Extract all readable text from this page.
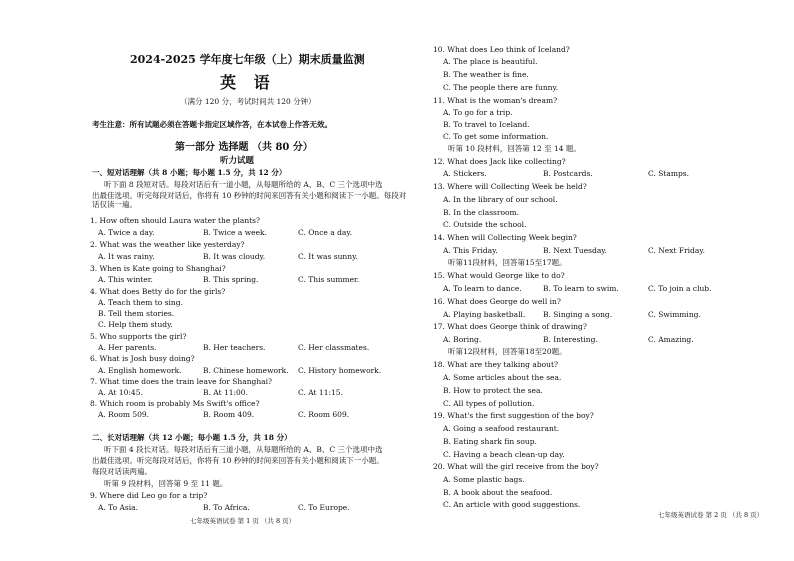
2024-2025 学年度七年级（上）期末质量监测
英 语
（满分 120 分，考试时间共 120 分钟）
考生注意：所有试题必须在答题卡指定区域作答，在本试卷上作答无效。
第一部分 选择题 （共 80 分）
听力试题
一、短对话理解（共 8 小题；每小题 1.5 分，共 12 分）
听下面 8 段短对话。每段对话后有一道小题，从每题所给的 A、B、C 三个选项中选
出最佳选项。听完每段对话后，你将有 10 秒钟的时间来回答有关小题和阅读下一小题。每段对话仅读一遍。
1. How often should Laura water the plants?
A. Twice a day.	B. Twice a week.	C. Once a day.
2. What was the weather like yesterday?
A. It was rainy.	B. It was cloudy.	C. It was sunny.
3. When is Kate going to Shanghai?
A. This winter.	B. This spring.	C. This summer.
4. What does Betty do for the girls?
A. Teach them to sing.
B. Tell them stories.
C. Help them study.
5. Who supports the girl?
A. Her parents.	B. Her teachers.	C. Her classmates.
6. What is Josh busy doing?
A. English homework.	B. Chinese homework. C. History homework.
7. What time does the train leave for Shanghai?
A. At 10:45.	B. At 11:00.	C. At 11:15.
8. Which room is probably Ms Swift's office?
A. Room 509.	B. Room 409.	C. Room 609.
二、长对话理解（共 12 小题；每小题 1.5 分，共 18 分）
听下面 4 段长对话。每段对话后有三道小题，从每题所给的 A、B、C 三个选项中选
出最佳选项。听完每段对话后，你将有 10 秒钟的时间来回答有关小题和阅读下一小题。
每段对话读两遍。
听第 9 段材料，回答第 9 至 11 题。
9. Where did Leo go for a trip?
A. To Asia.	B. To Africa.	C. To Europe.
七年级英语试卷 第 1 页 （共 8 页）
10. What does Leo think of Iceland?
A. The place is beautiful.
B. The weather is fine.
C. The people there are funny.
11. What is the woman's dream?
A. To go for a trip.
B. To travel to Iceland.
C. To get some information.
听第 10 段材料，回答第 12 至 14 题。
12. What does Jack like collecting?
A. Stickers.	B. Postcards.	C. Stamps.
13. Where will Collecting Week be held?
A. In the library of our school.
B. In the classroom.
C. Outside the school.
14. When will Collecting Week begin?
A. This Friday.	B. Next Tuesday.	C. Next Friday.
听第11段材料，回答第15至17题。
15. What would George like to do?
A. To learn to dance.	B. To learn to swim.	C. To join a club.
16. What does George do well in?
A. Playing basketball. B. Singing a song.	C. Swimming.
17. What does George think of drawing?
A. Boring.	B. Interesting.	C. Amazing.
听第12段材料，回答第18至20题。
18. What are they talking about?
A. Some articles about the sea.
B. How to protect the sea.
C. All types of pollution.
19. What's the first suggestion of the boy?
A. Going a seafood restaurant.
B. Eating shark fin soup.
C. Having a beach clean-up day.
20. What will the girl receive from the boy?
A. Some plastic bags.
B. A book about the seafood.
C. An article with good suggestions.
七年级英语试卷 第 2 页 （共 8 页）
